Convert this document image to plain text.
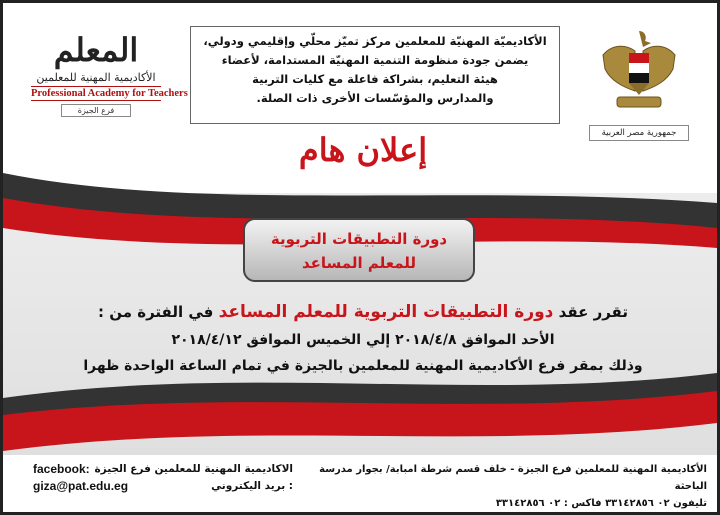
المعلم
الأكاديمية المهنية للمعلمين
Professional Academy for Teachers
فرع الجيزة
جمهورية مصر العربية
الأكاديميّة المهنيّة للمعلمين مركز تميّز محلّي وإقليمي ودولي،
يضمن جودة منظومة التنمية المهنيّة المستدامة، لأعضاء
هيئة التعليم، بشراكة فاعلة مع كليات التربية
والمدارس والمؤسّسات الأخرى ذات الصلة.
إعلان هام
دورة التطبيقات التربوية
للمعلم المساعد
تقرر عقد دورة التطبيقات التربوية للمعلم المساعد في الفترة من :
الأحد الموافق ٢٠١٨/٤/٨ إلي الخميس الموافق ٢٠١٨/٤/١٢
وذلك بمقر فرع الأكاديمية المهنية للمعلمين بالجيزة في تمام الساعة الواحدة ظهرا
الأكاديمية المهنية للمعلمين فرع الجيزة - خلف قسم شرطة امبابة/ بجوار مدرسة الباحثة
تليفون ٠٢ ٣٣١٤٢٨٥٦ فاكس : ٠٢ ٣٣١٤٢٨٥٦
facebook: الاكاديمية المهنية للمعلمين فرع الجيزة
giza@pat.edu.eg	: بريد اليكتروني
